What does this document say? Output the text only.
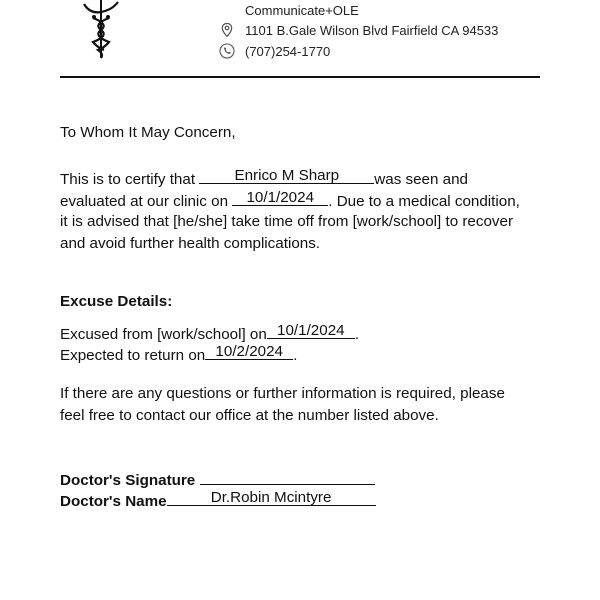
Communicate+OLE
1101 B.Gale Wilson Blvd Fairfield CA 94533
(707)254-1770
To Whom It May Concern,
This is to certify that	Enrico M Sharp	was seen and
evaluated at our clinic on	10/1/2024 . Due to a medical condition,
it is advised that [he/she] take time off from [work/school] to recover
and avoid further health complications.
Excuse Details:
Excused from [work/school] on 10/1/2024 .
Expected to return on 10/2/2024 .
If there are any questions or further information is required, please
feel free to contact our office at the number listed above.
Doctor's Signature
Doctor's Name	Dr.Robin Mcintyre
